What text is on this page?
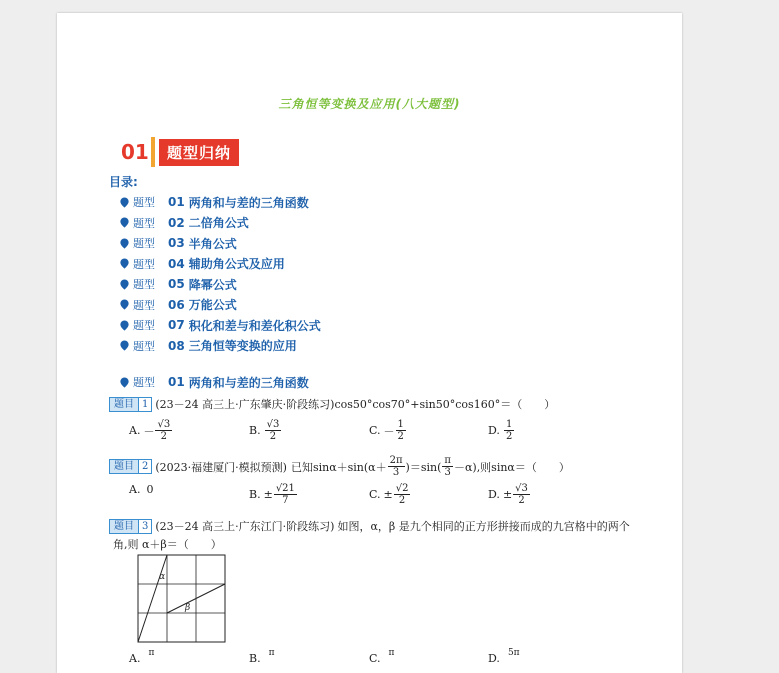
三角恒等变换及应用(八大题型)
01	题型归纳
目录:
题型	01 两角和与差的三角函数
题型	02 二倍角公式
题型	03 半角公式
题型	04 辅助角公式及应用
题型	05 降幂公式
题型	06 万能公式
题型	07 积化和差与和差化积公式
题型	08 三角恒等变换的应用
题型	01 两角和与差的三角函数
题目 1 (23－24 高三上·广东肇庆·阶段练习) cos50°cos70°+sin50°cos160°＝（　　）
A. － $\frac{√3}{2}$	B. $\frac{√3}{2}$	C. － $\frac{1}{2}$	D. $\frac{1}{2}$
题目 2 (2023·福建厦门·模拟预测) 已知$\sin\alpha+\sin(\alpha+ \frac{2\pi}{3} )=\sin( \frac{\pi}{3} -\alpha)$,则sinα＝（　　）
A. 0	B. ± $\frac{√21}{7}$	C. ± $\frac{√2}{2}$	D. ± $\frac{√3}{2}$
题目 3 (23－24 高三上·广东江门·阶段练习) 如图，α，β 是九个相同的正方形拼接而成的九宫格中的两个
角,则 α＋β＝（　　）
α
β
A. π	B. π	C. π	D. 5π
